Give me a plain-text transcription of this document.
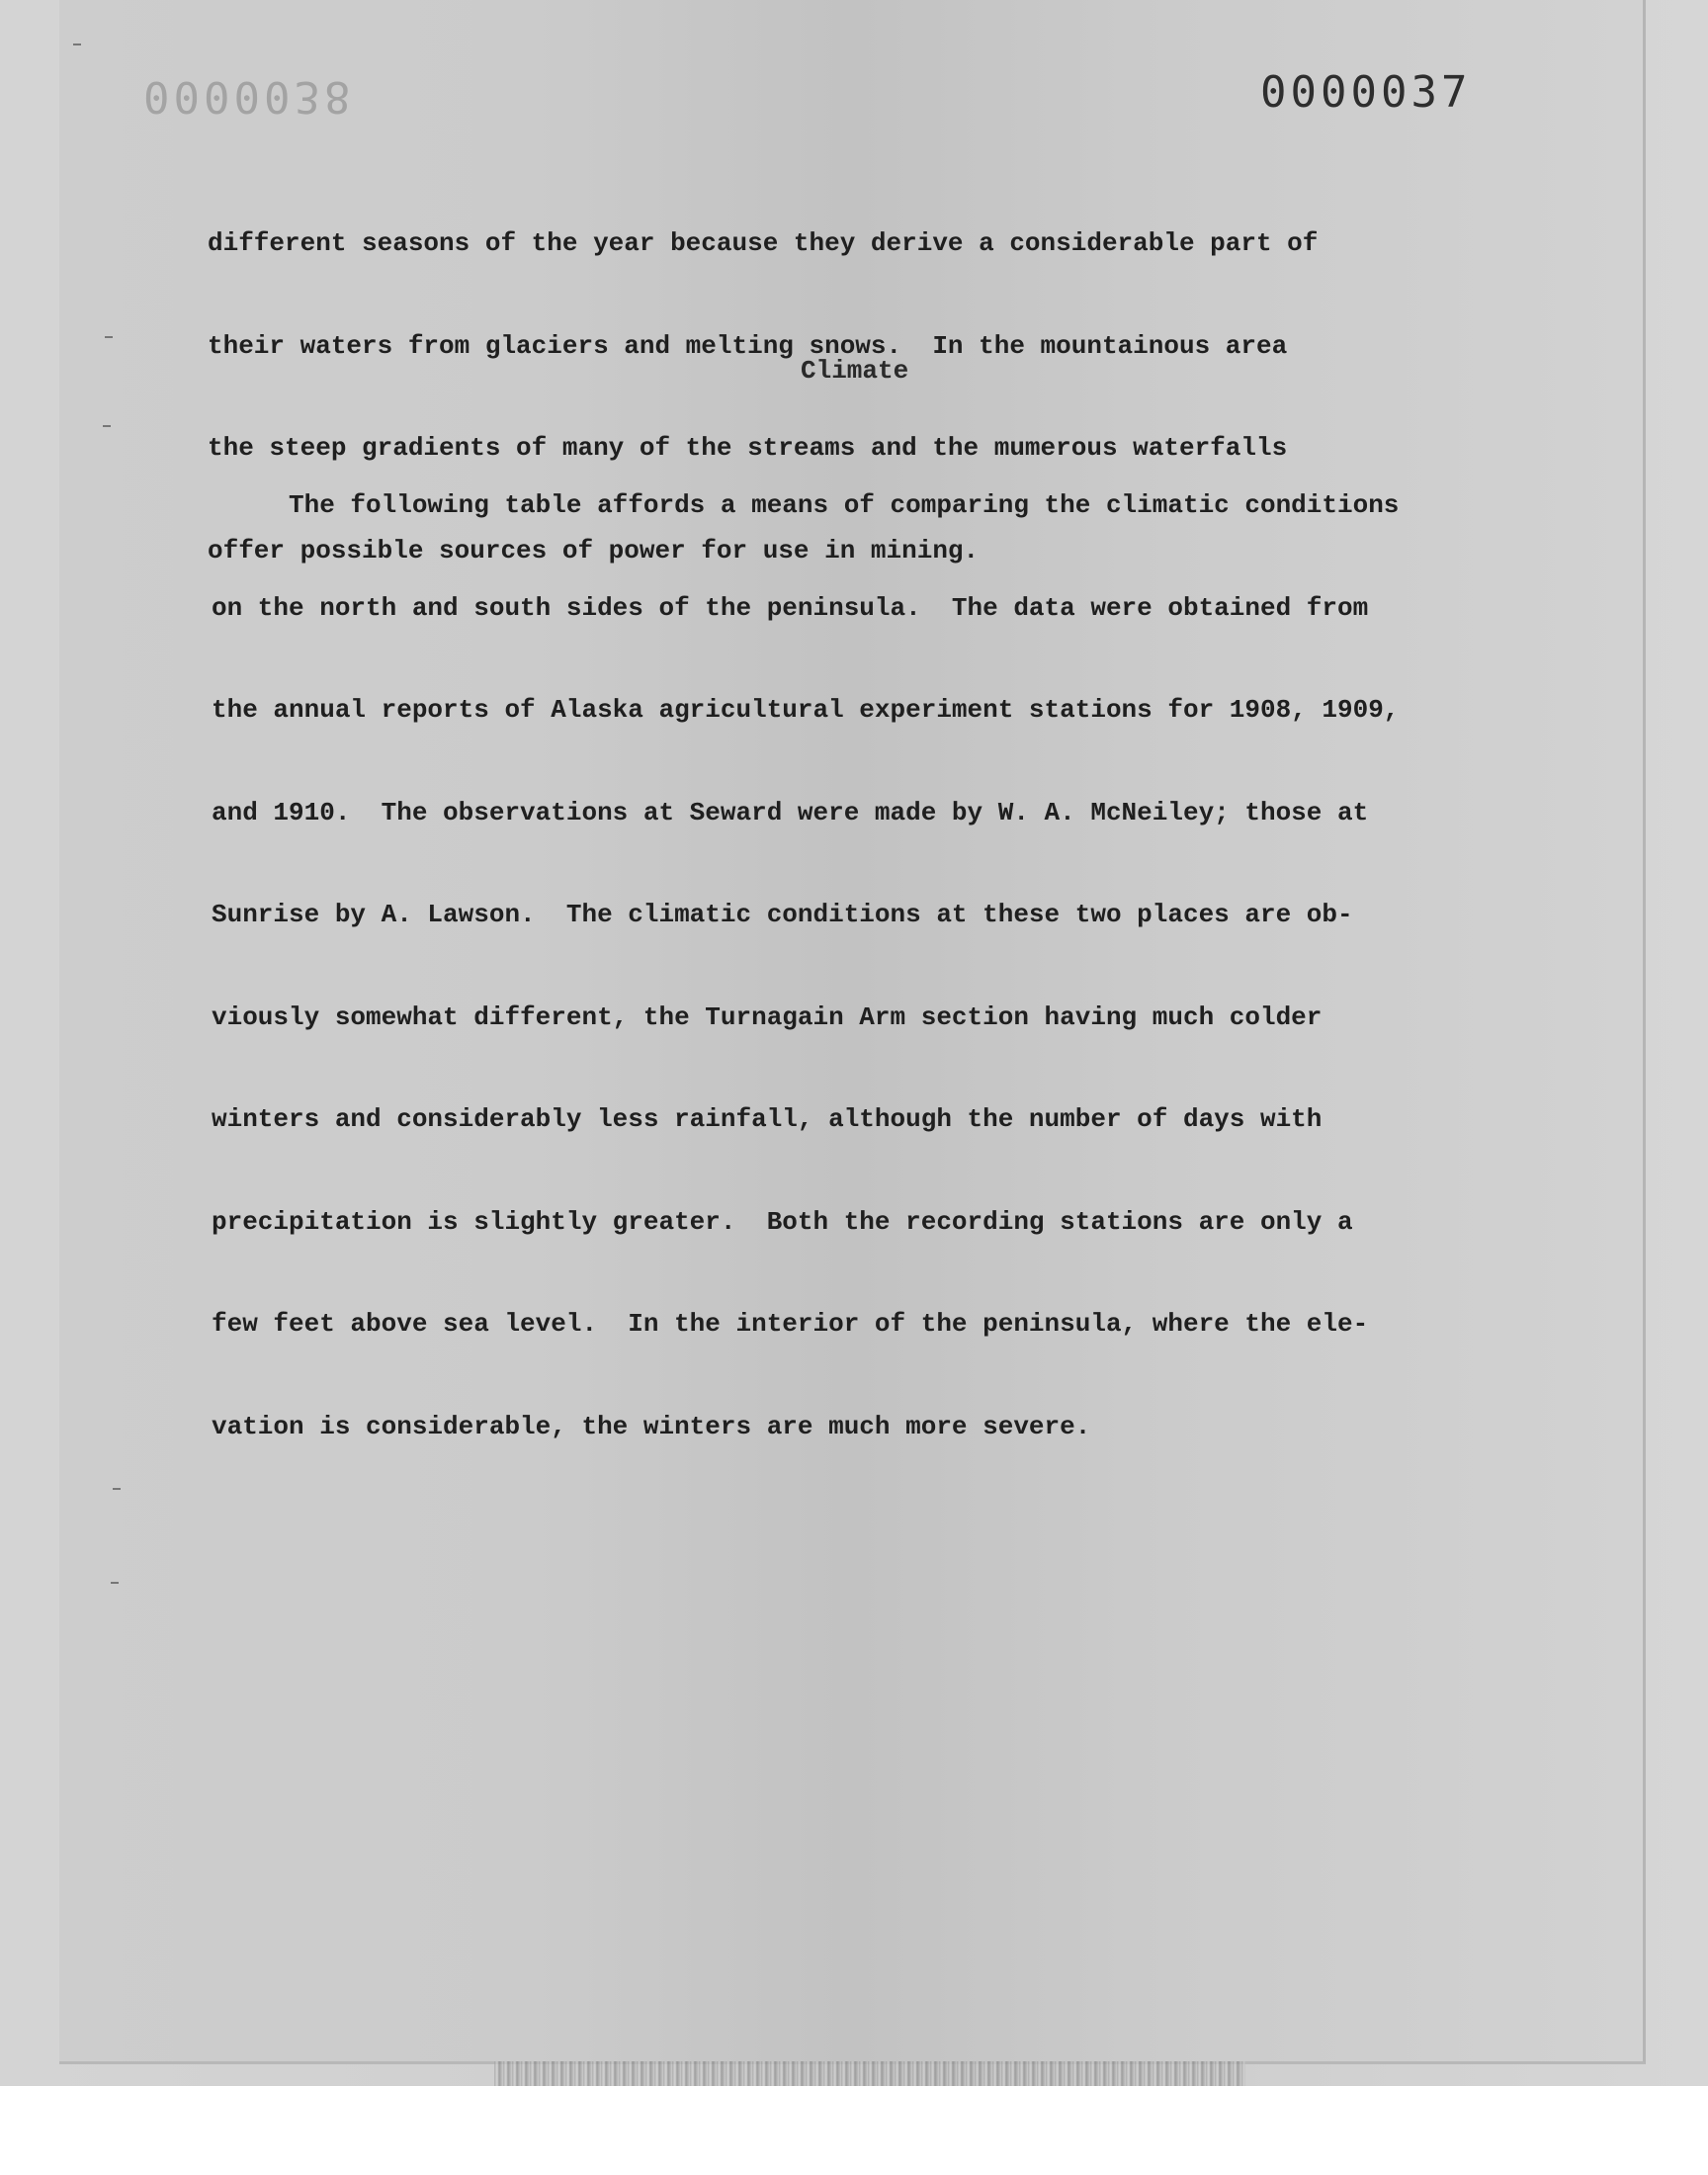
0000038	0000037

different seasons of the year because they derive a considerable part of

their waters from glaciers and melting snows.  In the mountainous area

the steep gradients of many of the streams and the mumerous waterfalls

offer possible sources of power for use in mining.

Climate

The following table affords a means of comparing the climatic conditions

on the north and south sides of the peninsula.  The data were obtained from

the annual reports of Alaska agricultural experiment stations for 1908, 1909,

and 1910.  The observations at Seward were made by W. A. McNeiley; those at

Sunrise by A. Lawson.  The climatic conditions at these two places are ob-

viously somewhat different, the Turnagain Arm section having much colder

winters and considerably less rainfall, although the number of days with

precipitation is slightly greater.  Both the recording stations are only a

few feet above sea level.  In the interior of the peninsula, where the ele-

vation is considerable, the winters are much more severe.
